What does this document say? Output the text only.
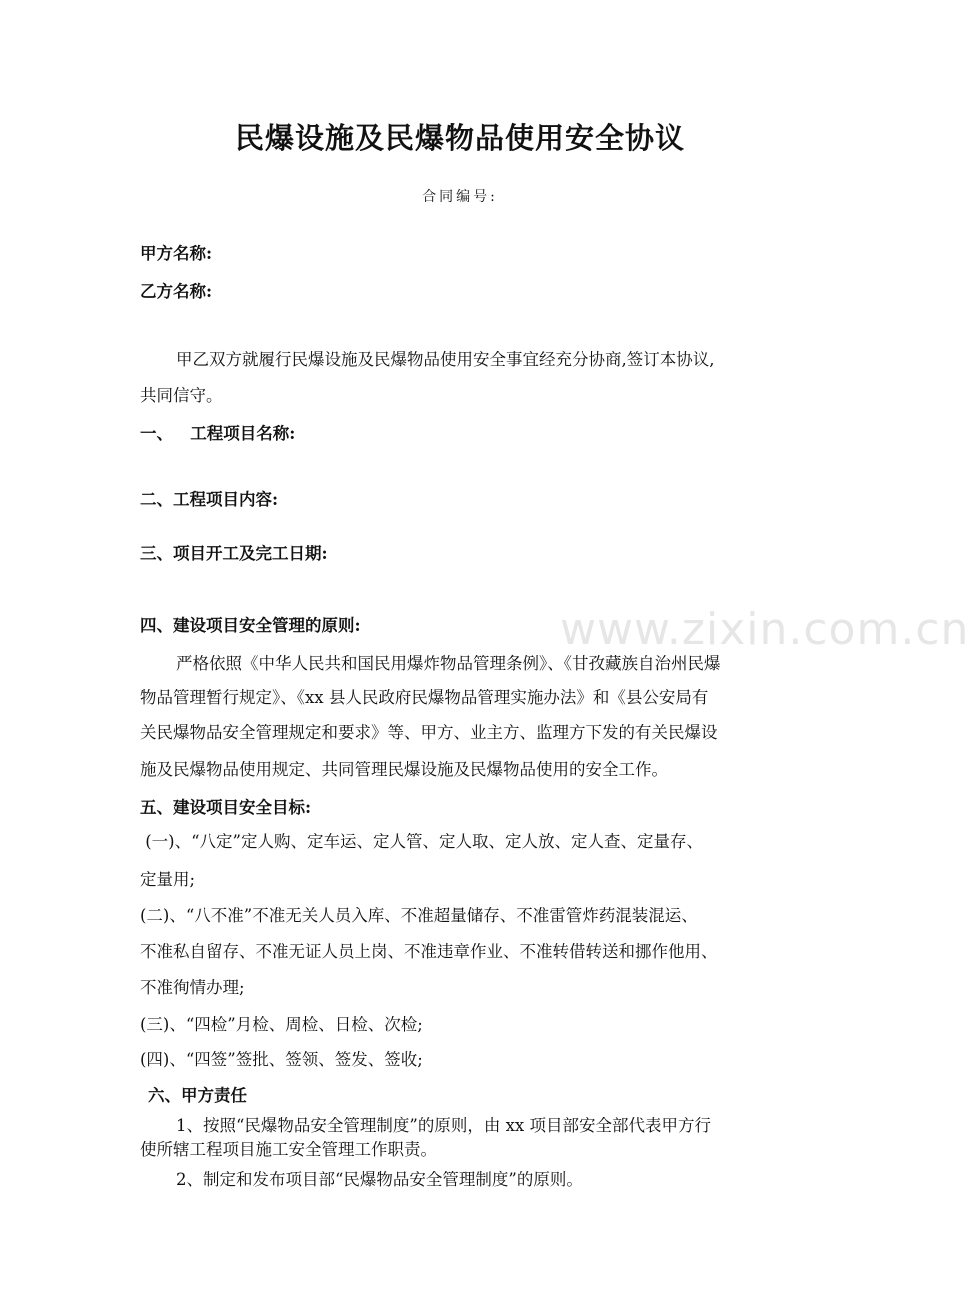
www.zixin.com.cn
民爆设施及民爆物品使用安全协议
合同编号:
甲方名称:
乙方名称:
甲乙双方就履行民爆设施及民爆物品使用安全事宜经充分协商,签订本协议,
共同信守。
一、   工程项目名称:
二、工程项目内容:
三、项目开工及完工日期:
四、建设项目安全管理的原则:
严格依照《中华人民共和国民用爆炸物品管理条例》、《甘孜藏族自治州民爆
物品管理暂行规定》、《xx 县人民政府民爆物品管理实施办法》和《县公安局有
关民爆物品安全管理规定和要求》等、甲方、业主方、监理方下发的有关民爆设
施及民爆物品使用规定、共同管理民爆设施及民爆物品使用的安全工作。
五、建设项目安全目标:
(一)、“八定”定人购、定车运、定人管、定人取、定人放、定人查、定量存、
定量用;
(二)、“八不准”不准无关人员入库、不准超量储存、不准雷管炸药混装混运、
不准私自留存、不准无证人员上岗、不准违章作业、不准转借转送和挪作他用、
不准徇情办理;
(三)、“四检”月检、周检、日检、次检;
(四)、“四签”签批、签领、签发、签收;
六、甲方责任
1、按照“民爆物品安全管理制度”的原则，由 xx 项目部安全部代表甲方行
使所辖工程项目施工安全管理工作职责。
2、制定和发布项目部“民爆物品安全管理制度”的原则。
